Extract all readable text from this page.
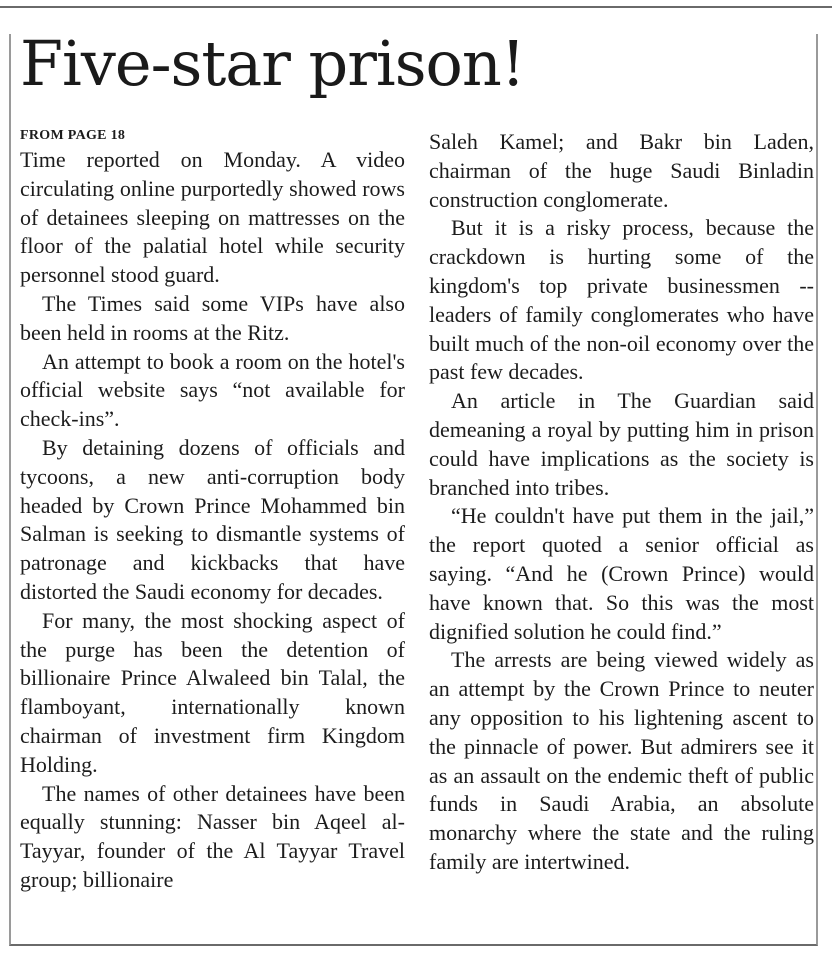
Five-star prison!
FROM PAGE 18

Time reported on Monday. A video circulating online purportedly showed rows of detainees sleeping on mattresses on the floor of the palatial hotel while security personnel stood guard.

The Times said some VIPs have also been held in rooms at the Ritz.

An attempt to book a room on the hotel's official website says “not available for check-ins”.

By detaining dozens of officials and tycoons, a new anti-corruption body headed by Crown Prince Mohammed bin Salman is seeking to dismantle systems of patronage and kickbacks that have distorted the Saudi economy for decades.

For many, the most shocking aspect of the purge has been the detention of billionaire Prince Alwaleed bin Talal, the flamboyant, internationally known chairman of investment firm Kingdom Holding.

The names of other detainees have been equally stunning: Nasser bin Aqeel al-Tayyar, founder of the Al Tayyar Travel group; billionaire

Saleh Kamel; and Bakr bin Laden, chairman of the huge Saudi Binladin construction conglomerate.

But it is a risky process, because the crackdown is hurting some of the kingdom's top private businessmen -- leaders of family conglomerates who have built much of the non-oil economy over the past few decades.

An article in The Guardian said demeaning a royal by putting him in prison could have implications as the society is branched into tribes.

“He couldn't have put them in the jail,” the report quoted a senior official as saying. “And he (Crown Prince) would have known that. So this was the most dignified solution he could find.”

The arrests are being viewed widely as an attempt by the Crown Prince to neuter any opposition to his lightening ascent to the pinnacle of power. But admirers see it as an assault on the endemic theft of public funds in Saudi Arabia, an absolute monarchy where the state and the ruling family are intertwined.
